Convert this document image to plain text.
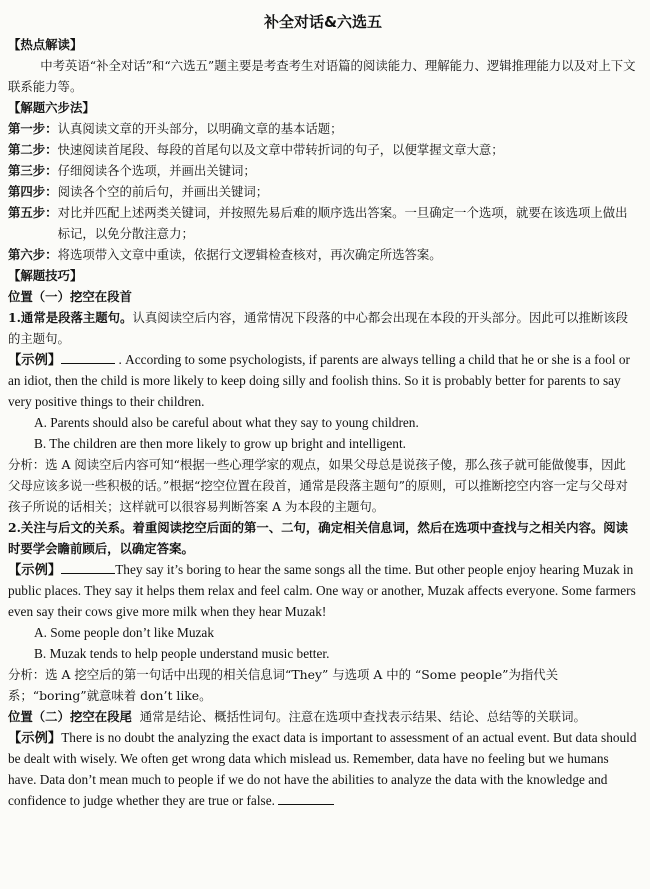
补全对话&六选五
【热点解读】

中考英语“补全对话”和“六选五”题主要是考查考生对语篇的阅读能力、理解能力、逻辑推理能力以及对上下文联系能力等。

【解题六步法】
第一步： 认真阅读文章的开头部分，以明确文章的基本话题；
第二步： 快速阅读首尾段、每段的首尾句以及文章中带转折词的句子，以便掌握文章大意；
第三步： 仔细阅读各个选项，并画出关键词；
第四步： 阅读各个空的前后句，并画出关键词；
第五步： 对比并匹配上述两类关键词，并按照先易后难的顺序选出答案。一旦确定一个选项，就要在该选项上做出标记，以免分散注意力；
第六步： 将选项带入文章中重读，依据行文逻辑检查核对，再次确定所选答案。
【解题技巧】
位置（一）挖空在段首

1.通常是段落主题句。认真阅读空后内容，通常情况下段落的中心都会出现在本段的开头部分。因此可以推断该段的主题句。

【示例】	. According to some psychologists, if parents are always telling a child that he or she is a fool or an idiot, then the child is more likely to keep doing silly and foolish thins. So it is probably better for parents to say very positive things to their children.

A. Parents should also be careful about what they say to young children.
B. The children are then more likely to grow up bright and intelligent.

分析：选 A 阅读空后内容可知“根据一些心理学家的观点，如果父母总是说孩子傻，那么孩子就可能做傻事，因此父母应该多说一些积极的话。”根据“挖空位置在段首，通常是段落主题句”的原则，可以推断挖空内容一定与父母对孩子所说的话相关；这样就可以很容易判断答案 A 为本段的主题句。

2.关注与后文的关系。着重阅读挖空后面的第一、二句，确定相关信息词，然后在选项中查找与之相关内容。阅读时要学会瞻前顾后，以确定答案。

【示例】	They say it’s boring to hear the same songs all the time. But other people enjoy hearing Muzak in public places. They say it helps them relax and feel calm. One way or another, Muzak affects everyone. Some farmers even say their cows give more milk when they hear Muzak!

A. Some people don’t like Muzak
B. Muzak tends to help people understand music better.

分析：选 A 挖空后的第一句话中出现的相关信息词“They” 与选项 A 中的 “Some people”为指代关系；“boring”就意味着 don’t like。

位置（二）挖空在段尾 通常是结论、概括性词句。注意在选项中查找表示结果、结论、总结等的关联词。

【示例】There is no doubt the analyzing the exact data is important to assessment of an actual event. But data should be dealt with wisely. We often get wrong data which mislead us. Remember, data have no feeling but we humans have. Data don’t mean much to people if we do not have the abilities to analyze the data with the knowledge and confidence to judge whether they are true or false.
